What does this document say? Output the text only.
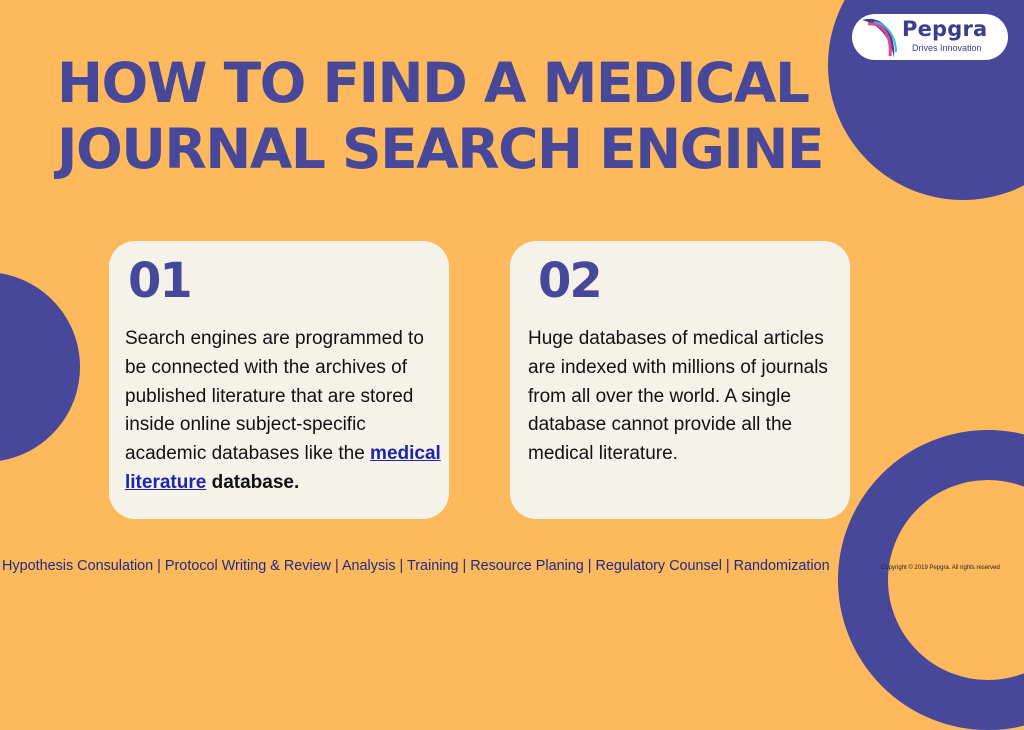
Pepgra
Drives Innovation
HOW TO FIND A MEDICAL
JOURNAL SEARCH ENGINE
01

Search engines are programmed to be connected with the archives of published literature that are stored inside online subject-specific academic databases like the medical literature database.

02

Huge databases of medical articles are indexed with millions of journals from all over the world. A single database cannot provide all the medical literature.

Hypothesis Consulation | Protocol Writing & Review | Analysis | Training | Resource Planing | Regulatory Counsel | Randomization	Copyright © 2019 Pepgra. All rights reserved
